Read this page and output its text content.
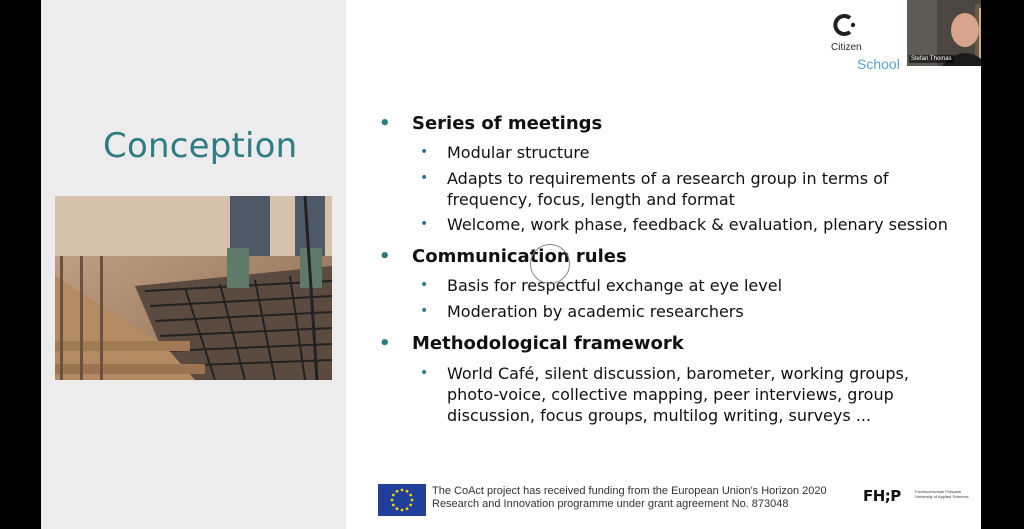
Conception
• Series of meetings
• Modular structure
• Adapts to requirements of a research group in terms of
frequency, focus, length and format
• Welcome, work phase, feedback & evaluation, plenary session
• Communication rules
• Basis for respectful exchange at eye level
• Moderation by academic researchers
• Methodological framework
• World Café, silent discussion, barometer, working groups,
photo-voice, collective mapping, peer interviews, group
discussion, focus groups, multilog writing, surveys ...
The CoAct project has received funding from the European Union's Horizon 2020 Research and Innovation programme under grant agreement No. 873048	FH;P	Fachhochschule Potsdam University of Applied Sciences
Citizen
School	Stefan Thomas
